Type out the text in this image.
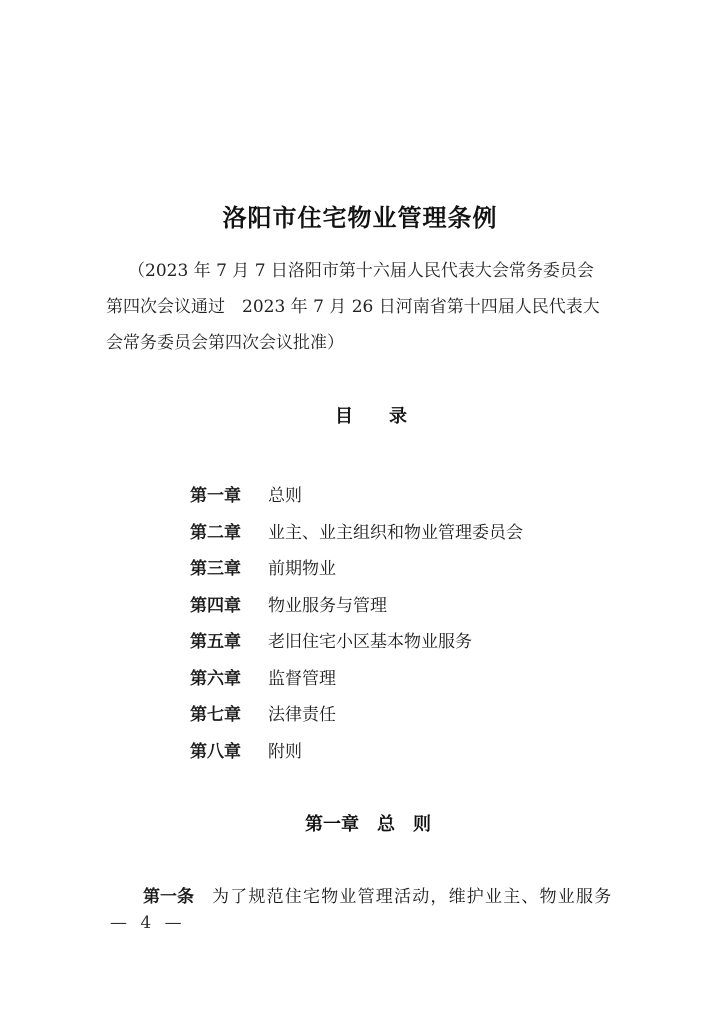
洛阳市住宅物业管理条例
（2023 年 7 月 7 日洛阳市第十六届人民代表大会常务委员会
第四次会议通过　2023 年 7 月 26 日河南省第十四届人民代表大
会常务委员会第四次会议批准）
目 录
第一章 总则
第二章 业主、业主组织和物业管理委员会
第三章 前期物业
第四章 物业服务与管理
第五章 老旧住宅小区基本物业服务
第六章 监督管理
第七章 法律责任
第八章 附则
第一章 总 则
第一条 为了规范住宅物业管理活动，维护业主、物业服务
— 4 —
